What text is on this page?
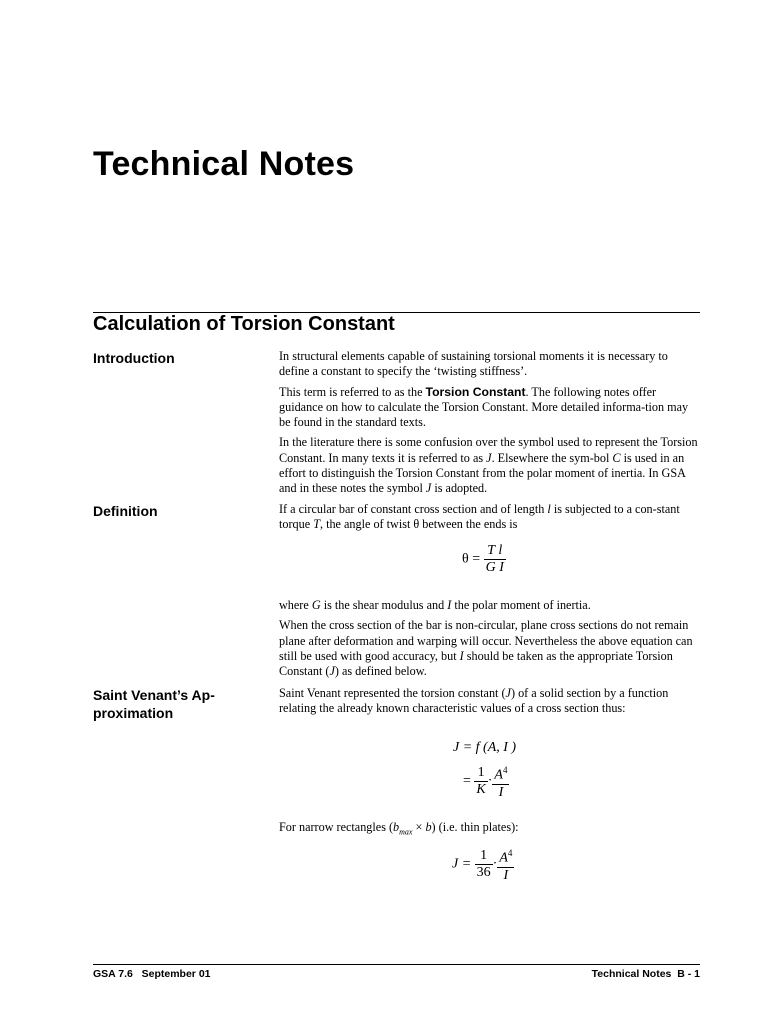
Technical Notes
Calculation of Torsion Constant
Introduction	In structural elements capable of sustaining torsional moments it is necessary to define a constant to specify the ‘twisting stiffness’.

This term is referred to as the Torsion Constant. The following notes offer guidance on how to calculate the Torsion Constant. More detailed informa-tion may be found in the standard texts.

In the literature there is some confusion over the symbol used to represent the Torsion Constant. In many texts it is referred to as J. Elsewhere the sym-bol C is used in an effort to distinguish the Torsion Constant from the polar moment of inertia. In GSA and in these notes the symbol J is adopted.

Definition	If a circular bar of constant cross section and of length l is subjected to a con-stant torque T, the angle of twist θ between the ends is

$\theta = \frac{\text{T l}}{\text{G I}}$

where G is the shear modulus and I the polar moment of inertia.

When the cross section of the bar is non-circular, plane cross sections do not remain plane after deformation and warping will occur. Nevertheless the above equation can still be used with good accuracy, but I should be taken as the appropriate Torsion Constant (J) as defined below.

Saint Venant’s Ap-
proximation

Saint Venant represented the torsion constant (J) of a solid section by a function relating the already known characteristic values of a cross section thus:

J = f (A, I )
= $\frac{1}{K} \cdot \frac{A^4}{I}$

For narrow rectangles $(b_{max} \times b)$ (i.e. thin plates):

$J = \frac{1}{36} \cdot \frac{A^4}{I}$
GSA 7.6   September 01	Technical Notes  B - 1
